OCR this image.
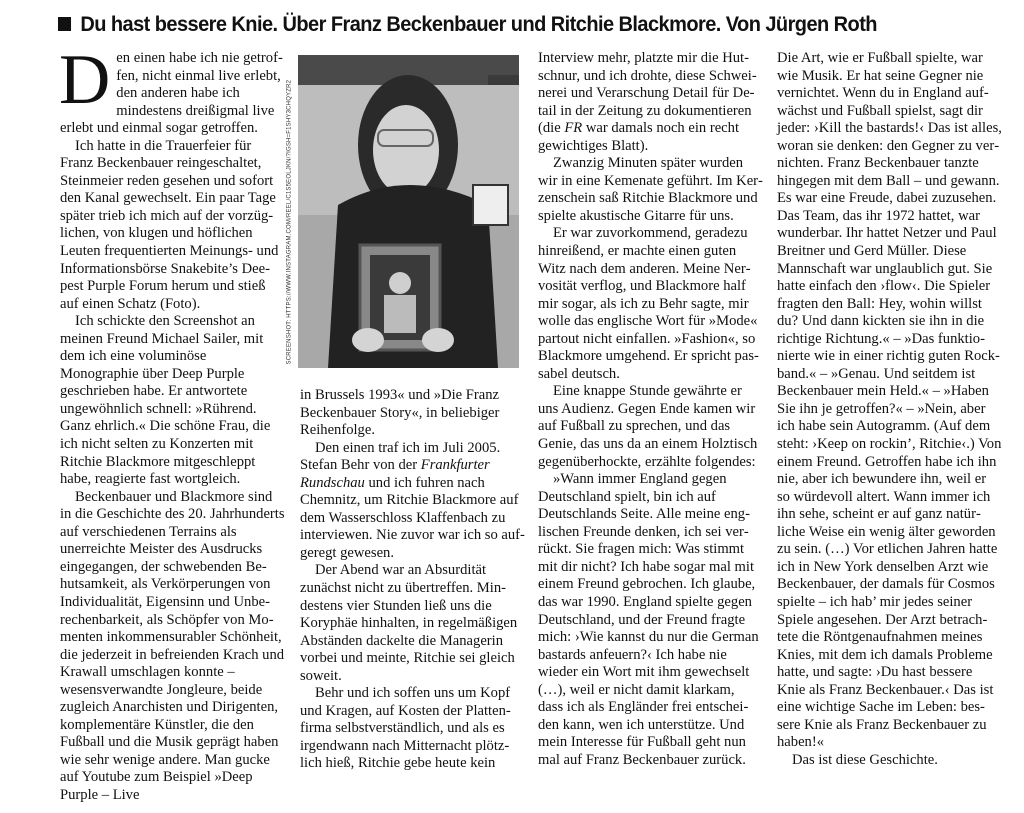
Du hast bessere Knie. Über Franz Beckenbauer und Ritchie Blackmore. Von Jürgen Roth

Den einen habe ich nie getroffen, nicht einmal live erlebt, den anderen habe ich mindestens dreißigmal live erlebt und einmal sogar getroffen.

Ich hatte in die Trauerfeier für Franz Beckenbauer reingeschaltet, Steinmeier reden gesehen und sofort den Kanal gewechselt. Ein paar Tage später trieb ich mich auf der vorzüglichen, von klugen und höflichen Leuten frequentierten Meinungs- und Informationsbörse Snakebite’s Deepest Purple Forum herum und stieß auf einen Schatz (Foto).

Ich schickte den Screenshot an meinen Freund Michael Sailer, mit dem ich eine voluminöse Monographie über Deep Purple geschrieben habe. Er antwortete ungewöhnlich schnell: »Rührend. Ganz ehrlich.« Die schöne Frau, die ich nicht selten zu Konzerten mit Ritchie Blackmore mitgeschleppt habe, reagierte fast wortgleich.

Beckenbauer und Blackmore sind in die Geschichte des 20. Jahrhunderts auf verschiedenen Terrains als unerreichte Meister des Ausdrucks eingegangen, der schwebenden Behutsamkeit, als Verkörperungen von Individualität, Eigensinn und Unberechenbarkeit, als Schöpfer von Momenten inkommensurabler Schönheit, die jederzeit in befreienden Krach und Krawall umschlagen konnte – wesensverwandte Jongleure, beide zugleich Anarchisten und Dirigenten, komplementäre Künstler, die den Fußball und die Musik geprägt haben wie sehr wenige andere. Man gucke auf Youtube zum Beispiel »Deep Purple – Live

SCREENSHOT: HTTPS://WWW.INSTAGRAM.COM/REEL/C1S5EOLJKN/?IGSH=F1SHY3CHQYZR2

in Brussels 1993« und »Die Franz Beckenbauer Story«, in beliebiger Reihenfolge.

Den einen traf ich im Juli 2005. Stefan Behr von der Frankfurter Rundschau und ich fuhren nach Chemnitz, um Ritchie Blackmore auf dem Wasserschloss Klaffenbach zu interviewen. Nie zuvor war ich so aufgeregt gewesen.

Der Abend war an Absurdität zunächst nicht zu übertreffen. Mindestens vier Stunden ließ uns die Koryphäe hinhalten, in regelmäßigen Abständen dackelte die Managerin vorbei und meinte, Ritchie sei gleich soweit.

Behr und ich soffen uns um Kopf und Kragen, auf Kosten der Plattenfirma selbstverständlich, und als es irgendwann nach Mitternacht plötzlich hieß, Ritchie gebe heute kein

Interview mehr, platzte mir die Hutschnur, und ich drohte, diese Schweinerei und Verarschung Detail für Detail in der Zeitung zu dokumentieren (die FR war damals noch ein recht gewichtiges Blatt).

Zwanzig Minuten später wurden wir in eine Kemenate geführt. Im Kerzenschein saß Ritchie Blackmore und spielte akustische Gitarre für uns.

Er war zuvorkommend, geradezu hinreißend, er machte einen guten Witz nach dem anderen. Meine Nervosität verflog, und Blackmore half mir sogar, als ich zu Behr sagte, mir wolle das englische Wort für »Mode« partout nicht einfallen. »Fashion«, so Blackmore umgehend. Er spricht passabel deutsch.

Eine knappe Stunde gewährte er uns Audienz. Gegen Ende kamen wir auf Fußball zu sprechen, und das Genie, das uns da an einem Holztisch gegenüberhockte, erzählte folgendes:

»Wann immer England gegen Deutschland spielt, bin ich auf Deutschlands Seite. Alle meine englischen Freunde denken, ich sei verrückt. Sie fragen mich: Was stimmt mit dir nicht? Ich habe sogar mal mit einem Freund gebrochen. Ich glaube, das war 1990. England spielte gegen Deutschland, und der Freund fragte mich: ›Wie kannst du nur die German bastards anfeuern?‹ Ich habe nie wieder ein Wort mit ihm gewechselt (…), weil er nicht damit klarkam, dass ich als Engländer frei entscheiden kann, wen ich unterstütze. Und mein Interesse für Fußball geht nun mal auf Franz Beckenbauer zurück.

Die Art, wie er Fußball spielte, war wie Musik. Er hat seine Gegner nie vernichtet. Wenn du in England aufwächst und Fußball spielst, sagt dir jeder: ›Kill the bastards!‹ Das ist alles, woran sie denken: den Gegner zu vernichten. Franz Beckenbauer tanzte hingegen mit dem Ball – und gewann. Es war eine Freude, dabei zuzusehen. Das Team, das ihr 1972 hattet, war wunderbar. Ihr hattet Netzer und Paul Breitner und Gerd Müller. Diese Mannschaft war unglaublich gut. Sie hatte einfach den ›flow‹. Die Spieler fragten den Ball: Hey, wohin willst du? Und dann kickten sie ihn in die richtige Richtung.« – »Das funktionierte wie in einer richtig guten Rockband.« – »Genau. Und seitdem ist Beckenbauer mein Held.« – »Haben Sie ihn je getroffen?« – »Nein, aber ich habe sein Autogramm. (Auf dem steht: ›Keep on rockin’, Ritchie‹.) Von einem Freund. Getroffen habe ich ihn nie, aber ich bewundere ihn, weil er so würdevoll altert. Wann immer ich ihn sehe, scheint er auf ganz natürliche Weise ein wenig älter geworden zu sein. (…) Vor etlichen Jahren hatte ich in New York denselben Arzt wie Beckenbauer, der damals für Cosmos spielte – ich hab’ mir jedes seiner Spiele angesehen. Der Arzt betrachtete die Röntgenaufnahmen meines Knies, mit dem ich damals Probleme hatte, und sagte: ›Du hast bessere Knie als Franz Beckenbauer.‹ Das ist eine wichtige Sache im Leben: bessere Knie als Franz Beckenbauer zu haben!«

Das ist diese Geschichte.
